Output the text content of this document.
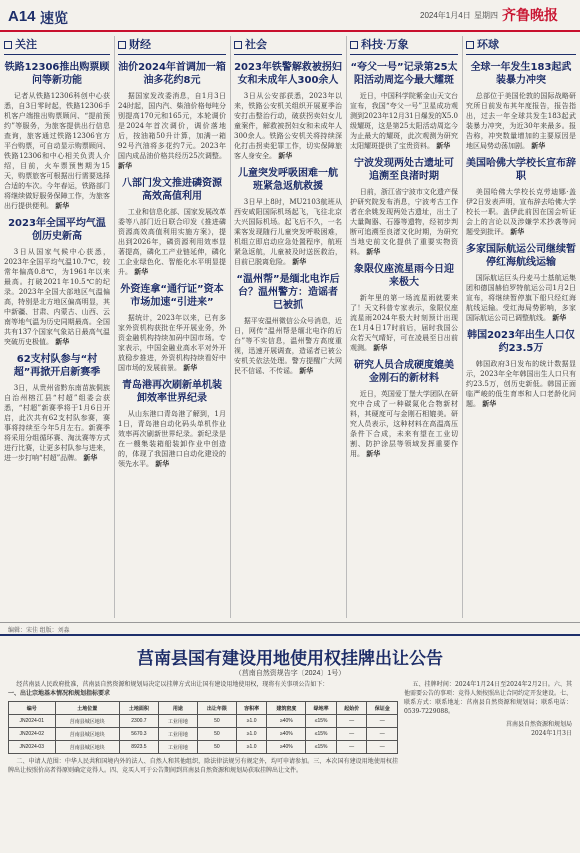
A14 速览	2024年1月4日 星期四 齐鲁晚报
关注
铁路12306推出购票顾问等新功能

记者从铁路12306科创中心获悉，自3日零时起，铁路12306手机客户端推出购票顾问、“提前预约”等服务，为旅客提供出行信息查询，旅客通过铁路12306官方平台购票，可自动显示购票顾问、铁路12306和中心相关负责人介绍，目前，火车票预售期为15天，购票旅客可根据出行需要选择合适的车次。今年春运，铁路部门将继续做好服务保障工作，为旅客出行提供便利。 新华

2023年全国平均气温创历史新高

3日从国家气候中心获悉，2023年全国平均气温10.7℃，较常年偏高0.8℃，为1961年以来最高。打破2021年10.5℃的纪录。2023年全国大部地区气温偏高，特别是北方地区偏高明显，其中新疆、甘肃、内蒙古、山西、云南等地气温为历史同期最高。全国共有137个国家气象站日最高气温突破历史极值。 新华

62支村队参与“村超”再掀开启新赛季

3日，从贵州省黔东南苗族侗族自治州榕江县“村超”组委会获悉，“村超”新赛季将于1月6日开启，此次共有62支村队参赛，赛事将持续至今年5月左右。新赛季将采用分组循环赛、淘汰赛等方式进行比赛，让更多村队参与进来，进一步打响“村超”品牌。 新华

财经
油价2024年首调加一箱油多花约8元

据国家发改委消息，自1月3日24时起，国内汽、柴油价格每吨分别提高170元和165元，本轮调价是2024年首次调价，调价落地后，按油箱50升计算，加满一箱92号汽油将多花约7元。2023年国内成品油价格共经历25次调整。 新华

八部门发文推进磷资源高效高值利用

工业和信息化部、国家发展改革委等八部门近日联合印发《推进磷资源高效高值利用实施方案》，提出到2026年，磷资源利用效率显著提高，磷化工产业链延伸，磷化工企业绿色化、智能化水平明显提升。 新华

外资连拿“通行证”资本市场加速“引进来”

据统计，2023年以来，已有多家外资机构获批在华开展业务，外资金融机构持续加码中国市场。专家表示，中国金融业高水平对外开放稳步推进，外资机构持续看好中国市场的发展前景。 新华

青岛港再次刷新单机装卸效率世界纪录

从山东港口青岛港了解到，1月1日，青岛港自动化码头单机作业效率再次刷新世界纪录。新纪录是在一艘集装箱船装卸作业中创造的，体现了我国港口自动化建设的领先水平。 新华

社会
2023年铁警解救被拐妇女和未成年人300余人

3日从公安部获悉，2023年以来，铁路公安机关组织开展夏季治安打击整治行动，破获拐卖妇女儿童案件，解救被拐妇女和未成年人300余人。铁路公安机关将持续深化打击拐卖犯罪工作，切实保障旅客人身安全。 新华

儿童突发呼吸困难一航班紧急返航救援

3日早上8时，MU2103航班从西安咸阳国际机场起飞，飞往北京大兴国际机场。起飞后不久，一名乘客发现随行儿童突发呼吸困难，机组立即启动应急处置程序，航班紧急返航，儿童被及时送医救治，目前已脱离危险。 新华

“温州帮”是缅北电诈后台？温州警方：造谣者已被抓

据平安温州微信公众号消息，近日，网传“温州帮是缅北电诈的后台”等不实信息，温州警方高度重视，迅速开展调查，造谣者已被公安机关依法处理。警方提醒广大网民不信谣、不传谣。 新华

科技·万象
“夸父一号”记录第25太阳活动周迄今最大耀斑

近日，中国科学院紫金山天文台宣布，我国“夸父一号”卫星成功观测到2023年12月31日爆发的X5.0级耀斑，这是第25太阳活动周迄今为止最大的耀斑，此次观测为研究太阳耀斑提供了宝贵资料。 新华

宁波发现两处古遗址可追溯至良渚时期

日前，浙江省宁波市文化遗产保护研究院发布消息，宁波考古工作者在余姚发现两处古遗址，出土了大量陶器、石器等遗物，经初步判断可追溯至良渚文化时期，为研究当地史前文化提供了重要实物资料。 新华

象限仪座流星雨今日迎来极大

新年里的第一场流星雨就要来了！天文科普专家表示，象限仪座流星雨2024年极大时刻预计出现在1月4日17时前后，届时我国公众若天气晴好，可在凌晨至日出前观测。 新华

研究人员合成硬度媲美金刚石的新材料

近日，英国爱丁堡大学团队在研究中合成了一种碳氮化合物新材料，其硬度可与金刚石相媲美。研究人员表示，这种材料在高温高压条件下合成，未来有望在工业切割、防护涂层等领域发挥重要作用。 新华

环球
全球一年发生183起武装暴力冲突

总部位于美国伦敦的国际战略研究所日前发布其年度报告，报告指出，过去一年全球共发生183起武装暴力冲突，为近30年来最多。报告称，冲突数量增加的主要原因是地区局势动荡加剧。 新华

美国哈佛大学校长宣布辞职

美国哈佛大学校长克劳迪娜·盖伊2日发表声明，宣布辞去哈佛大学校长一职。盖伊此前因在国会听证会上的言论以及涉嫌学术抄袭等问题受到批评。 新华

多家国际航运公司继续暂停红海航线运输

国际航运巨头丹麦马士基航运集团和德国赫伯罗特航运公司1月2日宣布，将继续暂停旗下船只经红海航线运输。受红海局势影响，多家国际航运公司已调整航线。 新华

韩国2023年出生人口仅约23.5万

韩国政府3日发布的统计数据显示，2023年全年韩国出生人口只有约23.5万，创历史新低。韩国正面临严峻的低生育率和人口老龄化问题。 新华

编辑：宋佳 组版：刘淼
莒南县国有建设用地使用权挂牌出让公告
（莒南自然资规告字〔2024〕1号）

经莒南县人民政府批准，莒南县自然资源和规划局决定以挂牌方式出让国有建设用地使用权，现将有关事项公告如下：

一、出让宗地基本情况和规划指标要求

编号	土地位置	土地面积	用途	出让年限	容积率	建筑密度	绿地率	起始价	保证金
JN2024-01	莒南县城区地块	2300.7	工业用地	50	≥1.0	≥40%	≤15%	—	—
JN2024-02	莒南县城区地块	5670.3	工业用地	50	≥1.0	≥40%	≤15%	—	—
JN2024-03	莒南县城区地块	8923.5	工业用地	50	≥1.0	≥40%	≤15%	—	—

二、申请人范围：中华人民共和国境内外的法人、自然人和其他组织，除法律法规另有规定外，均可申请参加。三、本次国有建设用地使用权挂牌出让按照价高者得原则确定竞得人。四、竞买人可于公告期间到莒南县自然资源和规划局获取挂牌出让文件。

五、挂牌时间：2024年1月24日至2024年2月2日。六、其他需要公告的事项：竞得人须按照出让合同约定开发建设。七、联系方式：联系地址：莒南县自然资源和规划局；联系电话：0539-7229088。

莒南县自然资源和规划局

2024年1月3日
